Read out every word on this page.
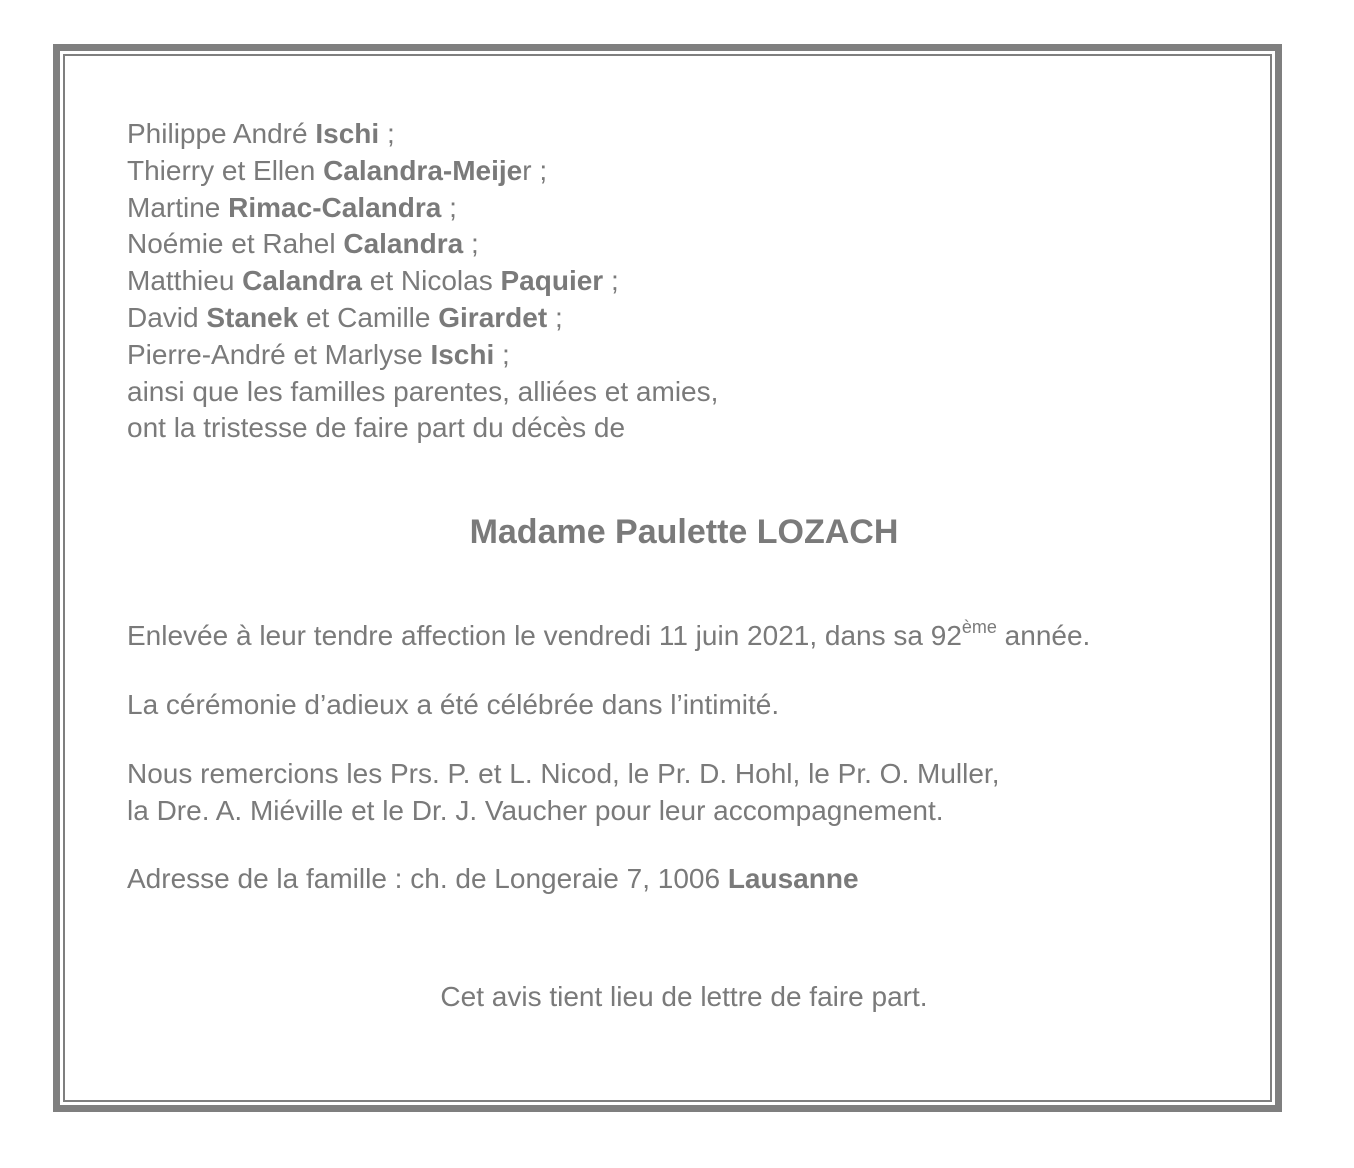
Philippe André Ischi ;
Thierry et Ellen Calandra-Meijer ;
Martine Rimac-Calandra ;
Noémie et Rahel Calandra ;
Matthieu Calandra et Nicolas Paquier ;
David Stanek et Camille Girardet ;
Pierre-André et Marlyse Ischi ;
ainsi que les familles parentes, alliées et amies,
ont la tristesse de faire part du décès de
Madame Paulette LOZACH
Enlevée à leur tendre affection le vendredi 11 juin 2021, dans sa 92ème année.
La cérémonie d’adieux a été célébrée dans l’intimité.
Nous remercions les Prs. P. et L. Nicod, le Pr. D. Hohl, le Pr. O. Muller,
la Dre. A. Miéville et le Dr. J. Vaucher pour leur accompagnement.
Adresse de la famille : ch. de Longeraie 7, 1006 Lausanne
Cet avis tient lieu de lettre de faire part.
